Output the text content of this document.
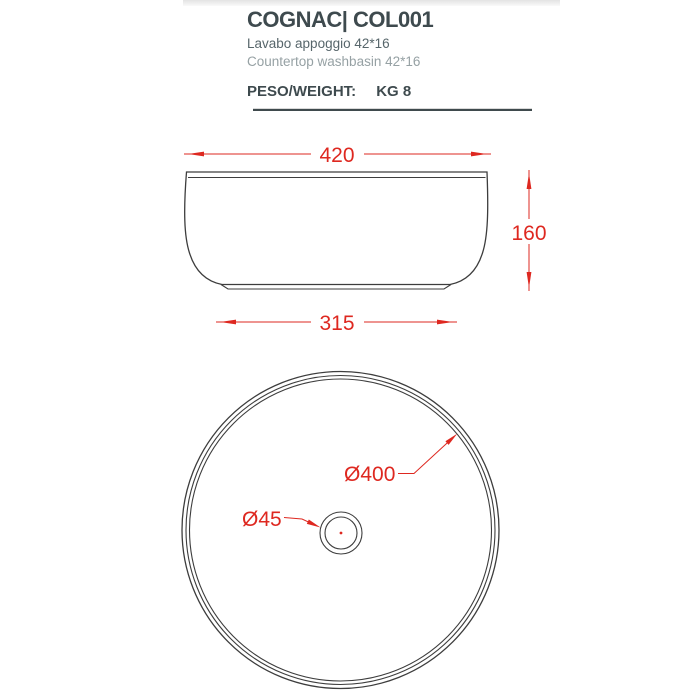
COGNAC| COL001
Lavabo appoggio 42*16
Countertop washbasin 42*16
PESO/WEIGHT: KG 8
420
160
315
Ø400
Ø45
